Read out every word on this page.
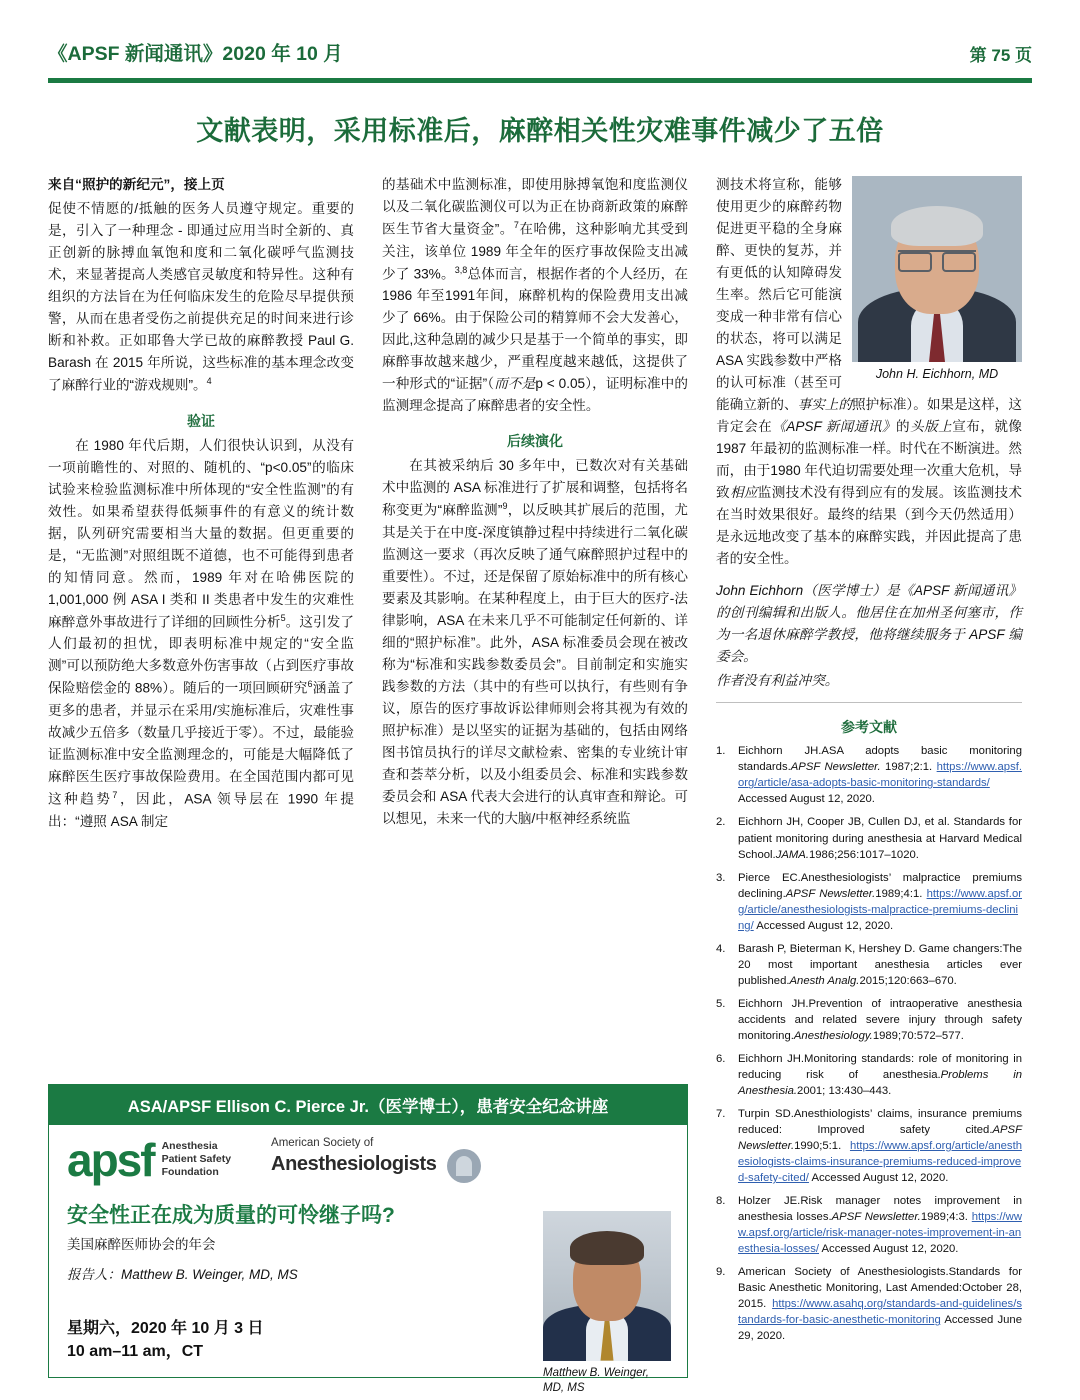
《APSF 新闻通讯》2020 年 10 月	第 75 页
文献表明，采用标准后，麻醉相关性灾难事件减少了五倍

来自“照护的新纪元”，接上页

促使不情愿的/抵触的医务人员遵守规定。重要的是，引入了一种理念 - 即通过应用当时全新的、真正创新的脉搏血氧饱和度和二氧化碳呼气监测技术，来显著提高人类感官灵敏度和特异性。这种有组织的方法旨在为任何临床发生的危险尽早提供预警，从而在患者受伤之前提供充足的时间来进行诊断和补救。正如耶鲁大学已故的麻醉教授 Paul G. Barash 在 2015 年所说，这些标准的基本理念改变了麻醉行业的“游戏规则”。$^4$

验证

在 1980 年代后期，人们很快认识到，从没有一项前瞻性的、对照的、随机的、“p<0.05”的临床试验来检验监测标准中所体现的“安全性监测”的有效性。如果希望获得低频事件的有意义的统计数据，队列研究需要相当大量的数据。但更重要的是，“无监测”对照组既不道德，也不可能得到患者的知情同意。然而，1989 年对在哈佛医院的 1,001,000 例 ASA I 类和 II 类患者中发生的灾难性麻醉意外事故进行了详细的回顾性分析$^5$。这引发了人们最初的担忧，即表明标准中规定的“安全监测”可以预防绝大多数意外伤害事故（占到医疗事故保险赔偿金的 88%）。随后的一项回顾研究$^6$涵盖了更多的患者，并显示在采用/实施标准后，灾难性事故减少五倍多（数量几乎接近于零）。不过，最能验证监测标准中安全监测理念的，可能是大幅降低了麻醉医生医疗事故保险费用。在全国范围内都可见这种趋势$^7$，因此，ASA 领导层在 1990 年提出：“遵照 ASA 制定

的基础术中监测标准，即使用脉搏氧饱和度监测仪以及二氧化碳监测仪可以为正在协商新政策的麻醉医生节省大量资金”。$^7$在哈佛，这种影响尤其受到关注，该单位 1989 年全年的医疗事故保险支出减少了 33%。$^{3,8}$总体而言，根据作者的个人经历，在 1986 年至1991年间，麻醉机构的保险费用支出减少了 66%。由于保险公司的精算师不会大发善心，因此,这种急剧的减少只是基于一个简单的事实，即麻醉事故越来越少，严重程度越来越低，这提供了一种形式的“证据”（而不是p < 0.05），证明标准中的监测理念提高了麻醉患者的安全性。

后续演化

在其被采纳后 30 多年中，已数次对有关基础术中监测的 ASA 标准进行了扩展和调整，包括将名称变更为“麻醉监测”$^9$，以反映其扩展后的范围，尤其是关于在中度-深度镇静过程中持续进行二氧化碳监测这一要求（再次反映了通气麻醉照护过程中的重要性）。不过，还是保留了原始标准中的所有核心要素及其影响。在某种程度上，由于巨大的医疗-法律影响，ASA 在未来几乎不可能制定任何新的、详细的“照护标准”。此外，ASA 标准委员会现在被改称为“标准和实践参数委员会”。目前制定和实施实践参数的方法（其中的有些可以执行，有些则有争议，原告的医疗事故诉讼律师则会将其视为有效的照护标准）是以坚实的证据为基础的，包括由网络图书馆员执行的详尽文献检索、密集的专业统计审查和荟萃分析，以及小组委员会、标准和实践参数委员会和 ASA 代表大会进行的认真审查和辩论。可以想见，未来一代的大脑/中枢神经系统监

John H. Eichhorn, MD

测技术将宣称，能够使用更少的麻醉药物促进更平稳的全身麻醉、更快的复苏，并有更低的认知障碍发生率。然后它可能演变成一种非常有信心的状态，将可以满足 ASA 实践参数中严格的认可标准（甚至可能确立新的、事实上的照护标准）。如果是这样，这肯定会在《APSF 新闻通讯》的头版上宣布，就像 1987 年最初的监测标准一样。时代在不断演进。然而，由于1980 年代迫切需要处理一次重大危机，导致相应监测技术没有得到应有的发展。该监测技术在当时效果很好。最终的结果（到今天仍然适用）是永远地改变了基本的麻醉实践，并因此提高了患者的安全性。

John Eichhorn（医学博士）是《APSF 新闻通讯》的创刊编辑和出版人。他居住在加州圣何塞市，作为一名退休麻醉学教授，他将继续服务于 APSF 编委会。

作者没有利益冲突。

参考文献
Eichhorn JH.ASA adopts basic monitoring standards.APSF Newsletter. 1987;2:1. https://www.apsf.org/article/asa-adopts-basic-monitoring-standards/ Accessed August 12, 2020.
Eichhorn JH, Cooper JB, Cullen DJ, et al. Standards for patient monitoring during anesthesia at Harvard Medical School.JAMA.1986;256:1017–1020.
Pierce EC.Anesthesiologists’ malpractice premiums declining.APSF Newsletter.1989;4:1. https://www.apsf.org/article/anesthesiologists-malpractice-premiums-declining/ Accessed August 12, 2020.
Barash P, Bieterman K, Hershey D. Game changers:The 20 most important anesthesia articles ever published.Anesth Analg.2015;120:663–670.
Eichhorn JH.Prevention of intraoperative anesthesia accidents and related severe injury through safety monitoring.Anesthesiology.1989;70:572–577.
Eichhorn JH.Monitoring standards: role of monitoring in reducing risk of anesthesia.Problems in Anesthesia.2001; 13:430–443.
Turpin SD.Anesthiologists’ claims, insurance premiums reduced: Improved safety cited.APSF Newsletter.1990;5:1. https://www.apsf.org/article/anesthesiologists-claims-insurance-premiums-reduced-improved-safety-cited/ Accessed August 12, 2020.
Holzer JE.Risk manager notes improvement in anesthesia losses.APSF Newsletter.1989;4:3. https://www.apsf.org/article/risk-manager-notes-improvement-in-anesthesia-losses/ Accessed August 12, 2020.
American Society of Anesthesiologists.Standards for Basic Anesthetic Monitoring, Last Amended:October 28, 2015. https://www.asahq.org/standards-and-guidelines/standards-for-basic-anesthetic-monitoring Accessed June 29, 2020.
ASA/APSF Ellison C. Pierce Jr.（医学博士），患者安全纪念讲座
apsf Anesthesia
Patient Safety
Foundation
American Society of
Anesthesiologists
安全性正在成为质量的可怜继子吗?
美国麻醉医师协会的年会
报告人：Matthew B. Weinger, MD, MS
星期六，2020 年 10 月 3 日
10 am–11 am，CT
Matthew B. Weinger,
MD, MS
